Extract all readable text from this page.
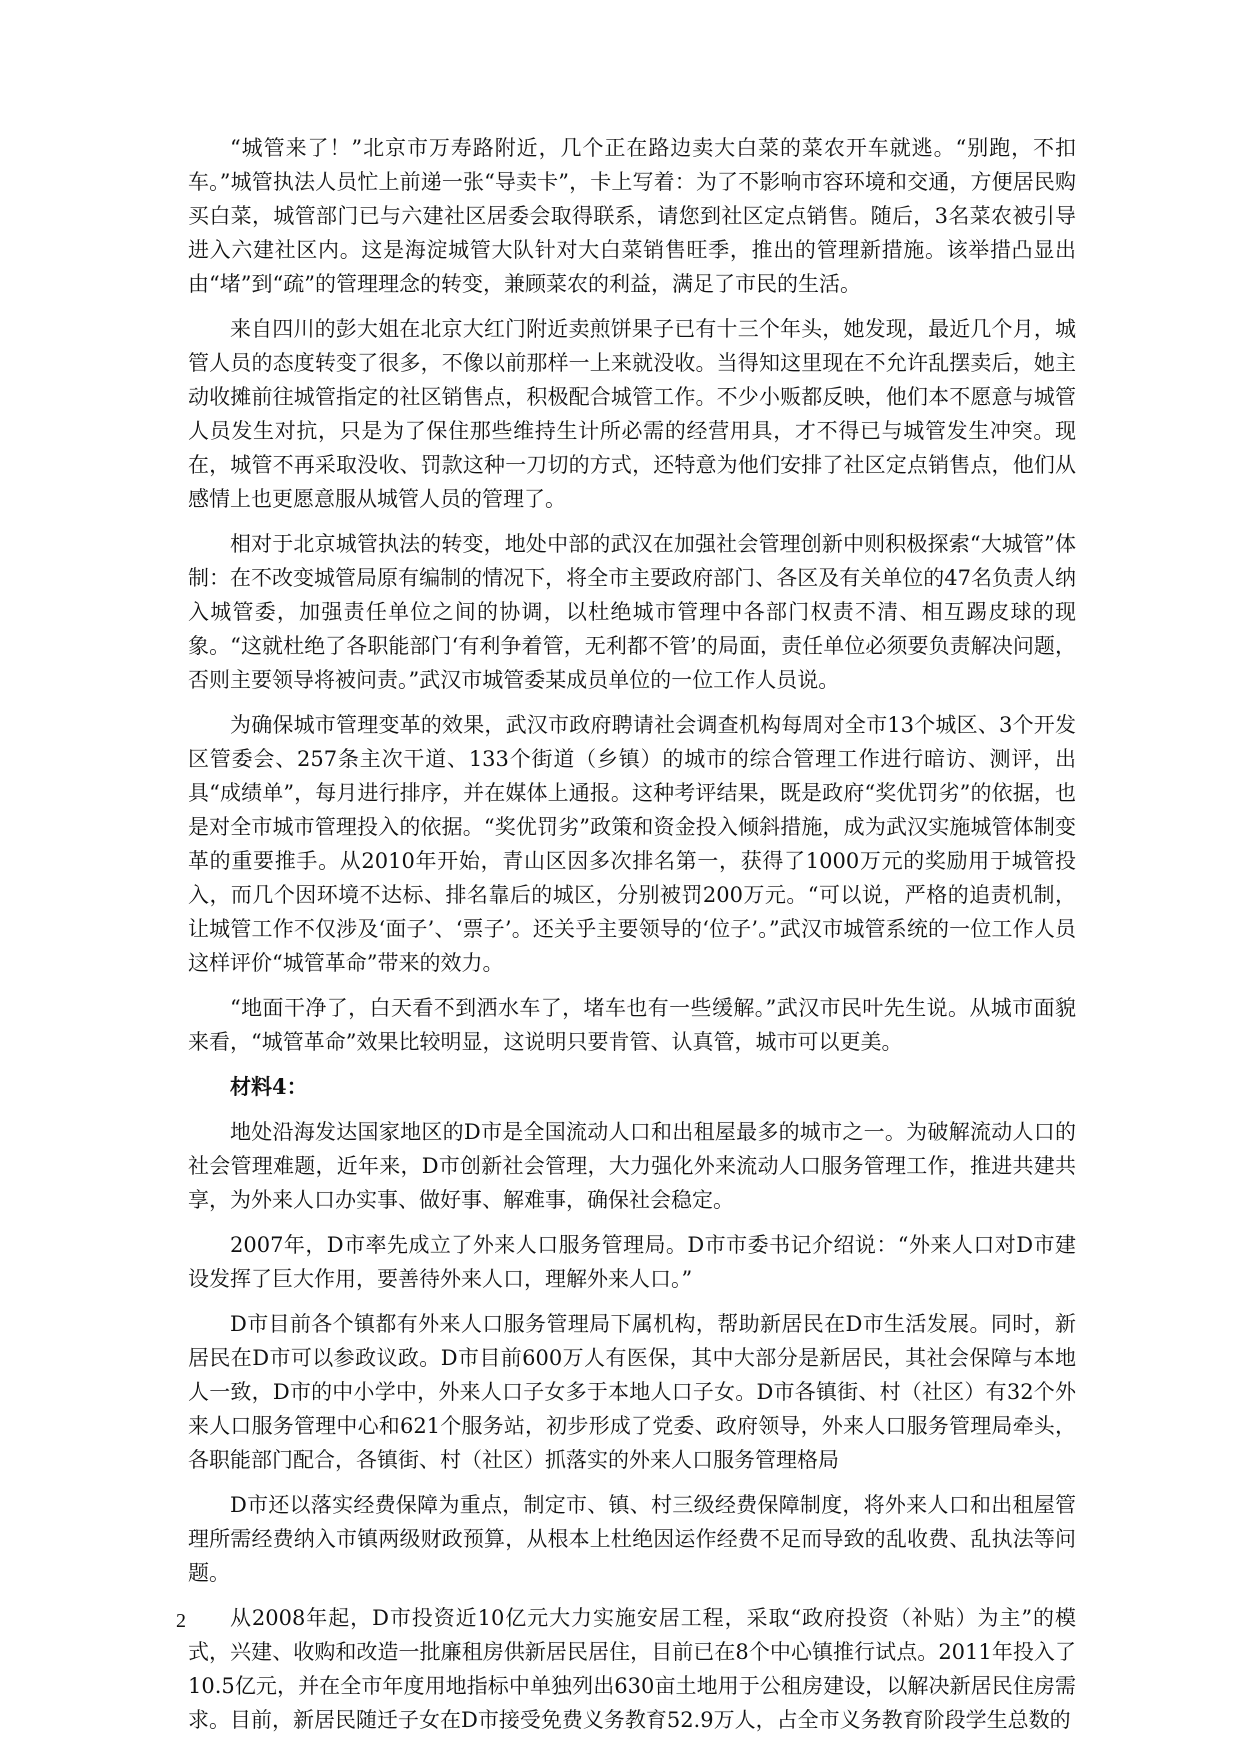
“城管来了！”北京市万寿路附近，几个正在路边卖大白菜的菜农开车就逃。“别跑，不扣车。”城管执法人员忙上前递一张“导卖卡”，卡上写着：为了不影响市容环境和交通，方便居民购买白菜，城管部门已与六建社区居委会取得联系，请您到社区定点销售。随后，3名菜农被引导进入六建社区内。这是海淀城管大队针对大白菜销售旺季，推出的管理新措施。该举措凸显出由“堵”到“疏”的管理理念的转变，兼顾菜农的利益，满足了市民的生活。

来自四川的彭大姐在北京大红门附近卖煎饼果子已有十三个年头，她发现，最近几个月，城管人员的态度转变了很多，不像以前那样一上来就没收。当得知这里现在不允许乱摆卖后，她主动收摊前往城管指定的社区销售点，积极配合城管工作。不少小贩都反映，他们本不愿意与城管人员发生对抗，只是为了保住那些维持生计所必需的经营用具，才不得已与城管发生冲突。现在，城管不再采取没收、罚款这种一刀切的方式，还特意为他们安排了社区定点销售点，他们从感情上也更愿意服从城管人员的管理了。

相对于北京城管执法的转变，地处中部的武汉在加强社会管理创新中则积极探索“大城管”体制：在不改变城管局原有编制的情况下，将全市主要政府部门、各区及有关单位的47名负责人纳入城管委，加强责任单位之间的协调，以杜绝城市管理中各部门权责不清、相互踢皮球的现象。“这就杜绝了各职能部门‘有利争着管，无利都不管’的局面，责任单位必须要负责解决问题，否则主要领导将被问责。”武汉市城管委某成员单位的一位工作人员说。

为确保城市管理变革的效果，武汉市政府聘请社会调查机构每周对全市13个城区、3个开发区管委会、257条主次干道、133个街道（乡镇）的城市的综合管理工作进行暗访、测评，出具“成绩单”，每月进行排序，并在媒体上通报。这种考评结果，既是政府“奖优罚劣”的依据，也是对全市城市管理投入的依据。“奖优罚劣”政策和资金投入倾斜措施，成为武汉实施城管体制变革的重要推手。从2010年开始，青山区因多次排名第一，获得了1000万元的奖励用于城管投入，而几个因环境不达标、排名靠后的城区，分别被罚200万元。“可以说，严格的追责机制，让城管工作不仅涉及‘面子’、‘票子’。还关乎主要领导的‘位子’。”武汉市城管系统的一位工作人员这样评价“城管革命”带来的效力。

“地面干净了，白天看不到洒水车了，堵车也有一些缓解。”武汉市民叶先生说。从城市面貌来看，“城管革命”效果比较明显，这说明只要肯管、认真管，城市可以更美。

材料4：

地处沿海发达国家地区的D市是全国流动人口和出租屋最多的城市之一。为破解流动人口的社会管理难题，近年来，D市创新社会管理，大力强化外来流动人口服务管理工作，推进共建共享，为外来人口办实事、做好事、解难事，确保社会稳定。

2007年，D市率先成立了外来人口服务管理局。D市市委书记介绍说：“外来人口对D市建设发挥了巨大作用，要善待外来人口，理解外来人口。”

D市目前各个镇都有外来人口服务管理局下属机构，帮助新居民在D市生活发展。同时，新居民在D市可以参政议政。D市目前600万人有医保，其中大部分是新居民，其社会保障与本地人一致，D市的中小学中，外来人口子女多于本地人口子女。D市各镇街、村（社区）有32个外来人口服务管理中心和621个服务站，初步形成了党委、政府领导，外来人口服务管理局牵头，各职能部门配合，各镇街、村（社区）抓落实的外来人口服务管理格局

D市还以落实经费保障为重点，制定市、镇、村三级经费保障制度，将外来人口和出租屋管理所需经费纳入市镇两级财政预算，从根本上杜绝因运作经费不足而导致的乱收费、乱执法等问题。

从2008年起，D市投资近10亿元大力实施安居工程，采取“政府投资（补贴）为主”的模式，兴建、收购和改造一批廉租房供新居民居住，目前已在8个中心镇推行试点。2011年投入了10.5亿元，并在全市年度用地指标中单独列出630亩土地用于公租房建设，以解决新居民住房需求。目前，新居民随迁子女在D市接受免费义务教育52.9万人，占全市义务教育阶段学生总数的

2
